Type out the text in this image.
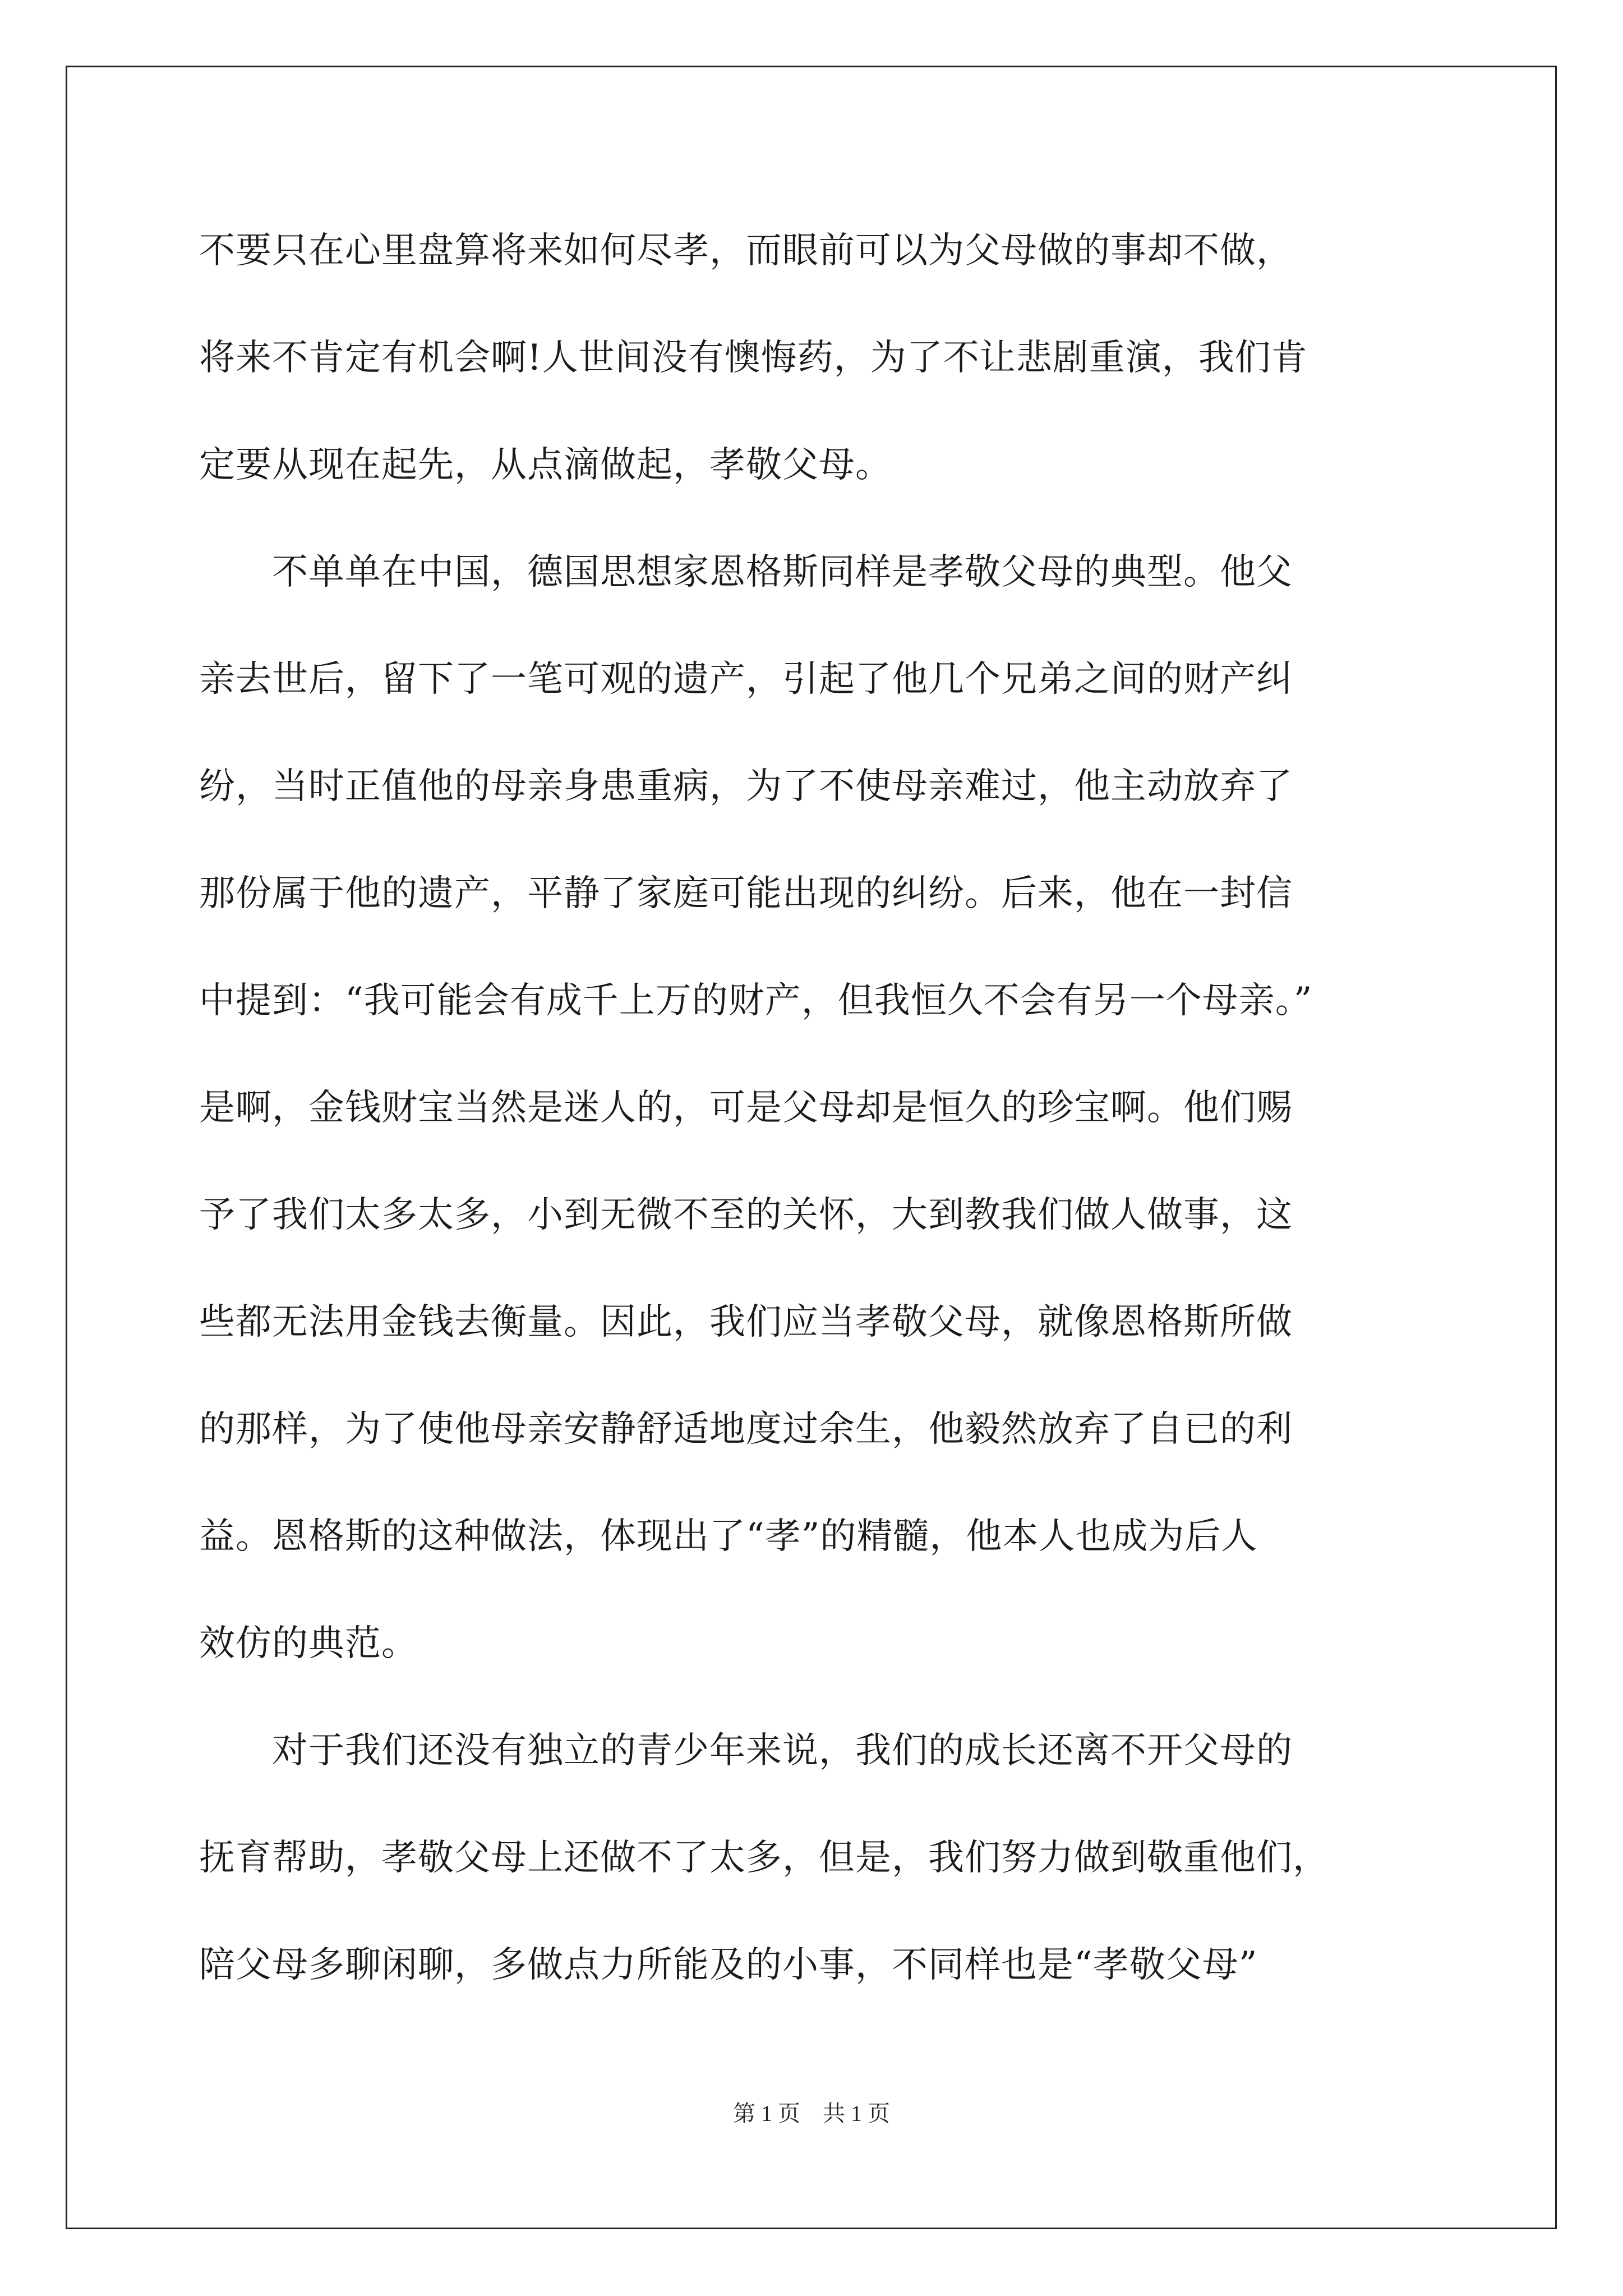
不要只在心里盘算将来如何尽孝，而眼前可以为父母做的事却不做，
将来不肯定有机会啊!人世间没有懊悔药，为了不让悲剧重演，我们肯
定要从现在起先，从点滴做起，孝敬父母。
　　不单单在中国，德国思想家恩格斯同样是孝敬父母的典型。他父
亲去世后，留下了一笔可观的遗产，引起了他几个兄弟之间的财产纠
纷，当时正值他的母亲身患重病，为了不使母亲难过，他主动放弃了
那份属于他的遗产，平静了家庭可能出现的纠纷。后来，他在一封信
中提到：“我可能会有成千上万的财产，但我恒久不会有另一个母亲。”
是啊，金钱财宝当然是迷人的，可是父母却是恒久的珍宝啊。他们赐
予了我们太多太多，小到无微不至的关怀，大到教我们做人做事，这
些都无法用金钱去衡量。因此，我们应当孝敬父母，就像恩格斯所做
的那样，为了使他母亲安静舒适地度过余生，他毅然放弃了自已的利
益。恩格斯的这种做法，体现出了“孝”的精髓，他本人也成为后人
效仿的典范。
　　对于我们还没有独立的青少年来说，我们的成长还离不开父母的
抚育帮助，孝敬父母上还做不了太多，但是，我们努力做到敬重他们，
陪父母多聊闲聊，多做点力所能及的小事，不同样也是“孝敬父母”
第 1 页　共 1 页
